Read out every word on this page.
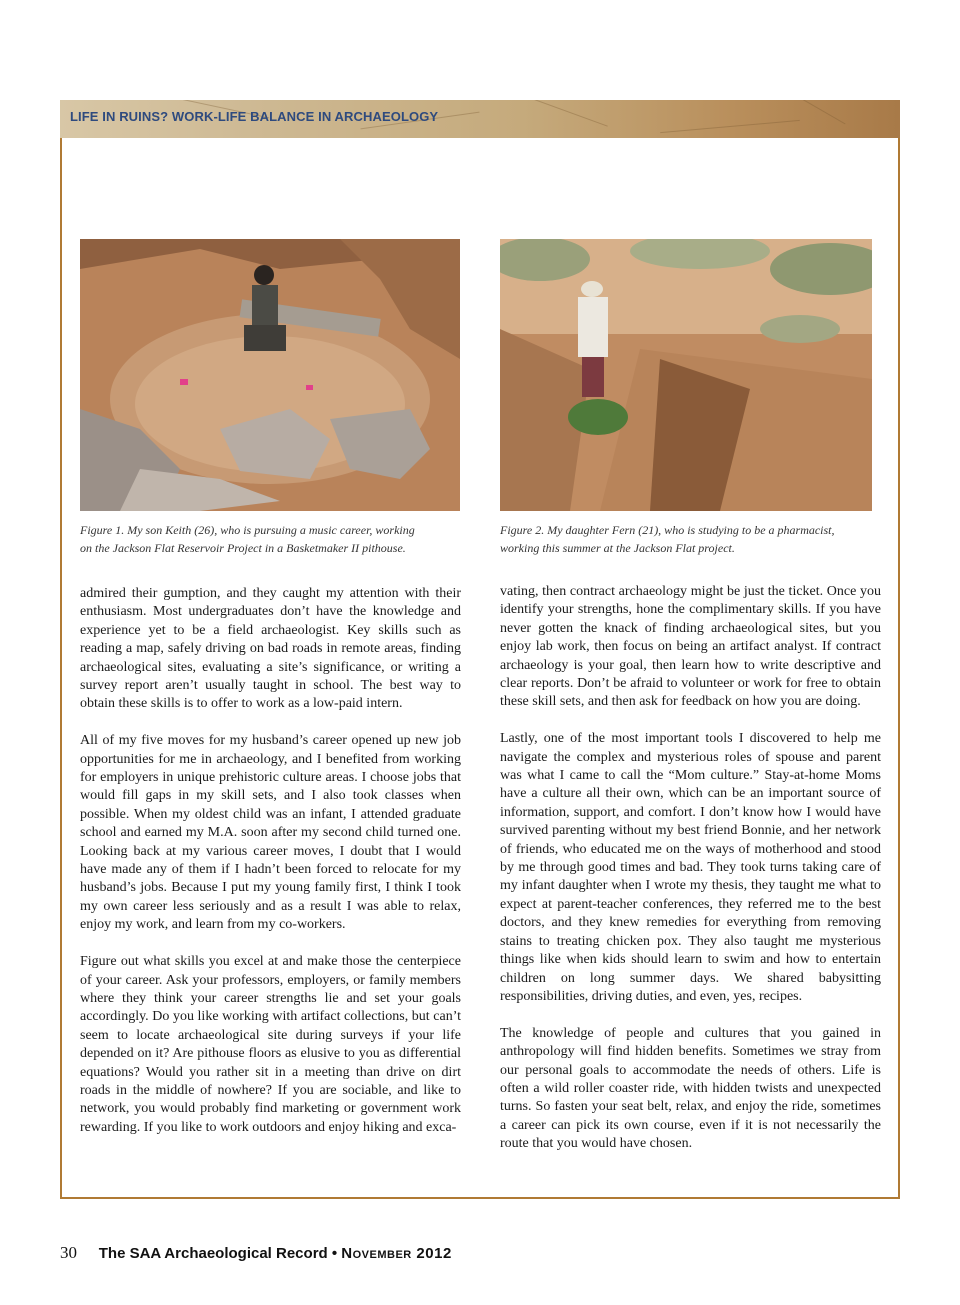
LIFE IN RUINS? WORK-LIFE BALANCE IN ARCHAEOLOGY
Figure 1. My son Keith (26), who is pursuing a music career, working
on the Jackson Flat Reservoir Project in a Basketmaker II pithouse.
Figure 2. My daughter Fern (21), who is studying to be a pharmacist,
working this summer at the Jackson Flat project.

admired their gumption, and they caught my attention with their enthusiasm. Most undergraduates don’t have the knowledge and experience yet to be a field archaeologist. Key skills such as reading a map, safely driving on bad roads in remote areas, finding archaeological sites, evaluating a site’s significance, or writing a survey report aren’t usually taught in school. The best way to obtain these skills is to offer to work as a low-paid intern.

All of my five moves for my husband’s career opened up new job opportunities for me in archaeology, and I benefited from working for employers in unique prehistoric culture areas. I choose jobs that would fill gaps in my skill sets, and I also took classes when possible. When my oldest child was an infant, I attended graduate school and earned my M.A. soon after my second child turned one. Looking back at my various career moves, I doubt that I would have made any of them if I hadn’t been forced to relocate for my husband’s jobs. Because I put my young family first, I think I took my own career less seriously and as a result I was able to relax, enjoy my work, and learn from my co-workers.

Figure out what skills you excel at and make those the centerpiece of your career. Ask your professors, employers, or family members where they think your career strengths lie and set your goals accordingly. Do you like working with artifact collections, but can’t seem to locate archaeological site during surveys if your life depended on it? Are pithouse floors as elusive to you as differential equations? Would you rather sit in a meeting than drive on dirt roads in the middle of nowhere? If you are sociable, and like to network, you would probably find marketing or government work rewarding. If you like to work outdoors and enjoy hiking and exca-

vating, then contract archaeology might be just the ticket. Once you identify your strengths, hone the complimentary skills. If you have never gotten the knack of finding archaeological sites, but you enjoy lab work, then focus on being an artifact analyst. If contract archaeology is your goal, then learn how to write descriptive and clear reports. Don’t be afraid to volunteer or work for free to obtain these skill sets, and then ask for feedback on how you are doing.

Lastly, one of the most important tools I discovered to help me navigate the complex and mysterious roles of spouse and parent was what I came to call the “Mom culture.” Stay-at-home Moms have a culture all their own, which can be an important source of information, support, and comfort. I don’t know how I would have survived parenting without my best friend Bonnie, and her network of friends, who educated me on the ways of motherhood and stood by me through good times and bad. They took turns taking care of my infant daughter when I wrote my thesis, they taught me what to expect at parent-teacher conferences, they referred me to the best doctors, and they knew remedies for everything from removing stains to treating chicken pox. They also taught me mysterious things like when kids should learn to swim and how to entertain children on long summer days. We shared babysitting responsibilities, driving duties, and even, yes, recipes.

The knowledge of people and cultures that you gained in anthropology will find hidden benefits. Sometimes we stray from our personal goals to accommodate the needs of others. Life is often a wild roller coaster ride, with hidden twists and unexpected turns. So fasten your seat belt, relax, and enjoy the ride, sometimes a career can pick its own course, even if it is not necessarily the route that you would have chosen.

30 The SAA Archaeological Record • November 2012
